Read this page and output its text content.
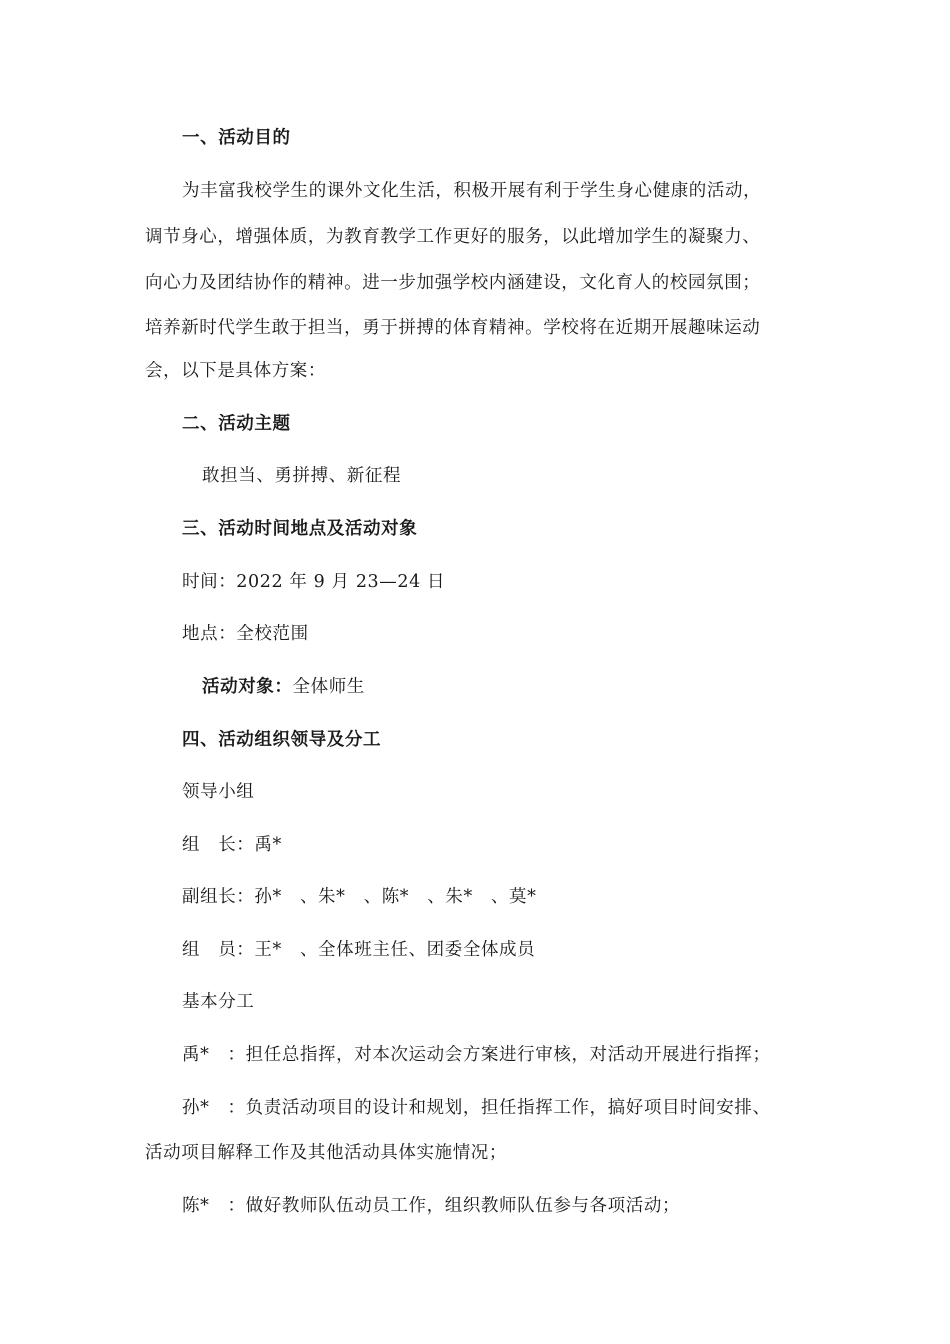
一、活动目的
为丰富我校学生的课外文化生活，积极开展有利于学生身心健康的活动，
调节身心，增强体质，为教育教学工作更好的服务，以此增加学生的凝聚力、
向心力及团结协作的精神。进一步加强学校内涵建设，文化育人的校园氛围；
培养新时代学生敢于担当，勇于拼搏的体育精神。学校将在近期开展趣味运动
会，以下是具体方案：
二、活动主题
敢担当、勇拼搏、新征程
三、活动时间地点及活动对象
时间：2022 年 9 月 23—24 日
地点：全校范围
活动对象：全体师生
四、活动组织领导及分工
领导小组
组　长：禹*
副组长：孙*　、朱*　、陈*　、朱*　、莫*
组　员：王*　、全体班主任、团委全体成员
基本分工
禹*　：担任总指挥，对本次运动会方案进行审核，对活动开展进行指挥；
孙*　：负责活动项目的设计和规划，担任指挥工作，搞好项目时间安排、
活动项目解释工作及其他活动具体实施情况；
陈*　：做好教师队伍动员工作，组织教师队伍参与各项活动；
